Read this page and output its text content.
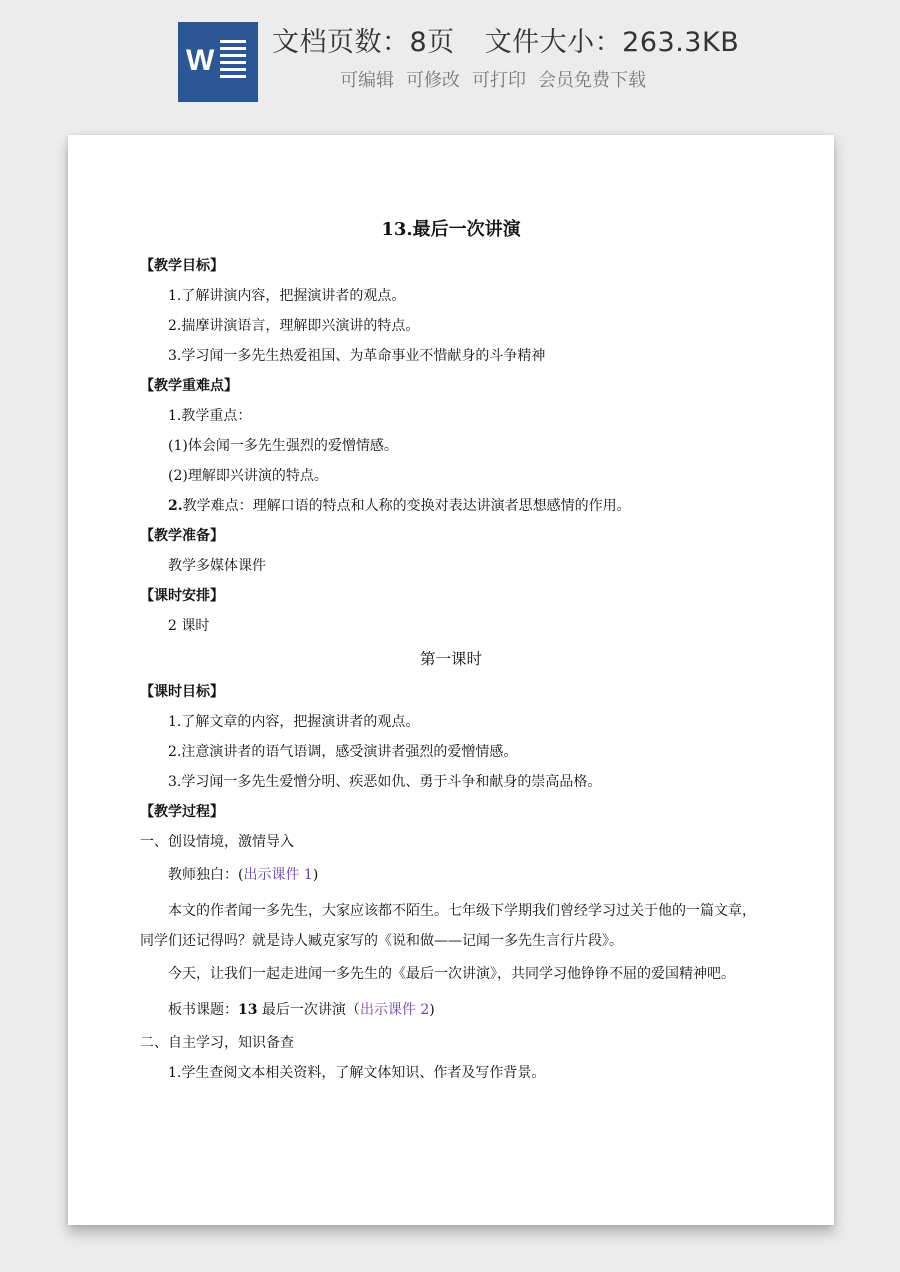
W
文档页数：8页 文件大小：263.3KB
可编辑 可修改 可打印 会员免费下载
13.最后一次讲演
【教学目标】
1.了解讲演内容，把握演讲者的观点。
2.揣摩讲演语言，理解即兴演讲的特点。
3.学习闻一多先生热爱祖国、为革命事业不惜献身的斗争精神
【教学重难点】
1.教学重点：
(1)体会闻一多先生强烈的爱憎情感。
(2)理解即兴讲演的特点。
2.教学难点：理解口语的特点和人称的变换对表达讲演者思想感情的作用。
【教学准备】
教学多媒体课件
【课时安排】
2 课时
第一课时
【课时目标】
1.了解文章的内容，把握演讲者的观点。
2.注意演讲者的语气语调，感受演讲者强烈的爱憎情感。
3.学习闻一多先生爱憎分明、疾恶如仇、勇于斗争和献身的崇高品格。
【教学过程】
一、创设情境，激情导入
教师独白：(出示课件 1)
本文的作者闻一多先生，大家应该都不陌生。七年级下学期我们曾经学习过关于他的一篇文章，同学们还记得吗？就是诗人臧克家写的《说和做——记闻一多先生言行片段》。
今天，让我们一起走进闻一多先生的《最后一次讲演》，共同学习他铮铮不屈的爱国精神吧。
板书课题：13 最后一次讲演（出示课件 2)
二、自主学习，知识备查
1.学生查阅文本相关资料，了解文体知识、作者及写作背景。
